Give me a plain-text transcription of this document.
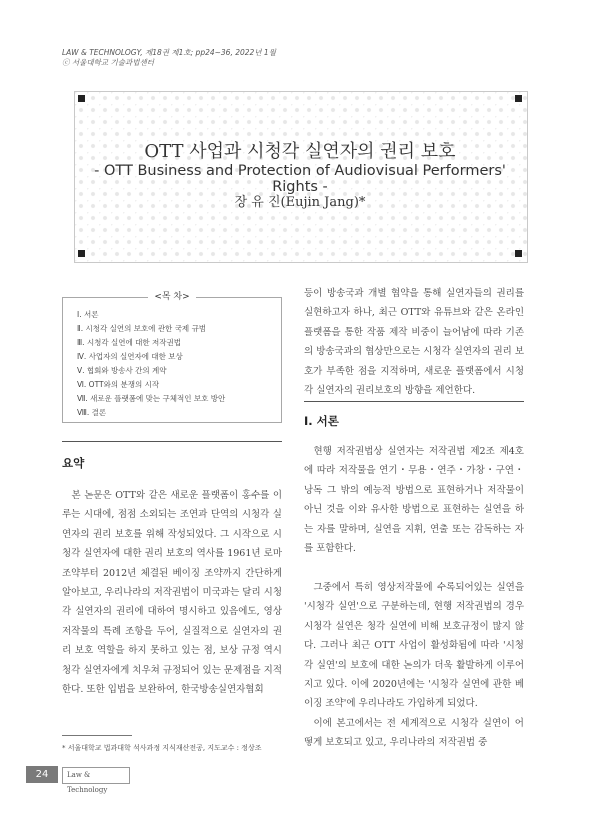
LAW & TECHNOLOGY, 제18권 제1호; pp24~36, 2022년 1월
ⓒ 서울대학교 기술과법센터
OTT 사업과 시청각 실연자의 권리 보호
- OTT Business and Protection of Audiovisual Performers' Rights -
장 유 진(Eujin Jang)*
<목 차>
Ⅰ. 서론
Ⅱ. 시청각 실연의 보호에 관한 국제 규범
Ⅲ. 시청각 실연에 대한 저작권법
Ⅳ. 사업자의 실연자에 대한 보상
Ⅴ. 협회와 방송사 간의 계약
Ⅵ. OTT와의 분쟁의 시작
Ⅶ. 새로운 플랫폼에 맞는 구체적인 보호 방안
Ⅷ. 결론
요약

본 논문은 OTT와 같은 새로운 플랫폼이 홍수를 이루는 시대에, 점점 소외되는 조연과 단역의 시청각 실연자의 권리 보호를 위해 작성되었다. 그 시작으로 시청각 실연자에 대한 권리 보호의 역사를 1961년 로마조약부터 2012년 체결된 베이징 조약까지 간단하게 알아보고, 우리나라의 저작권법이 미국과는 달리 시청각 실연자의 권리에 대하여 명시하고 있음에도, 영상저작물의 특례 조항을 두어, 실질적으로 실연자의 권리 보호 역할을 하지 못하고 있는 점, 보상 규정 역시 청각 실연자에게 치우쳐 규정되어 있는 문제점을 지적한다. 또한 입법을 보완하여, 한국방송실연자협회

등이 방송국과 개별 협약을 통해 실연자들의 권리를 실현하고자 하나, 최근 OTT와 유튜브와 같은 온라인 플랫폼을 통한 작품 제작 비중이 늘어남에 따라 기존의 방송국과의 협상만으로는 시청각 실연자의 권리 보호가 부족한 점을 지적하며, 새로운 플랫폼에서 시청각 실연자의 권리보호의 방향을 제언한다.

Ⅰ. 서론

현행 저작권법상 실연자는 저작권법 제2조 제4호에 따라 저작물을 연기・무용・연주・가창・구연・낭독 그 밖의 예능적 방법으로 표현하거나 저작물이 아닌 것을 이와 유사한 방법으로 표현하는 실연을 하는 자를 말하며, 실연을 지휘, 연출 또는 감독하는 자를 포함한다.

그중에서 특히 영상저작물에 수록되어있는 실연을 '시청각 실연'으로 구분하는데, 현행 저작권법의 경우 시청각 실연은 청각 실연에 비해 보호규정이 많지 않다. 그러나 최근 OTT 사업이 활성화됨에 따라 '시청각 실연'의 보호에 대한 논의가 더욱 활발하게 이루어지고 있다. 이에 2020년에는 '시청각 실연에 관한 베이징 조약'에 우리나라도 가입하게 되었다.

이에 본고에서는 전 세계적으로 시청각 실연이 어떻게 보호되고 있고, 우리나라의 저작권법 중

* 서울대학교 법과대학 석사과정 지식재산전공, 지도교수 : 정상조
24	Law & Technology
